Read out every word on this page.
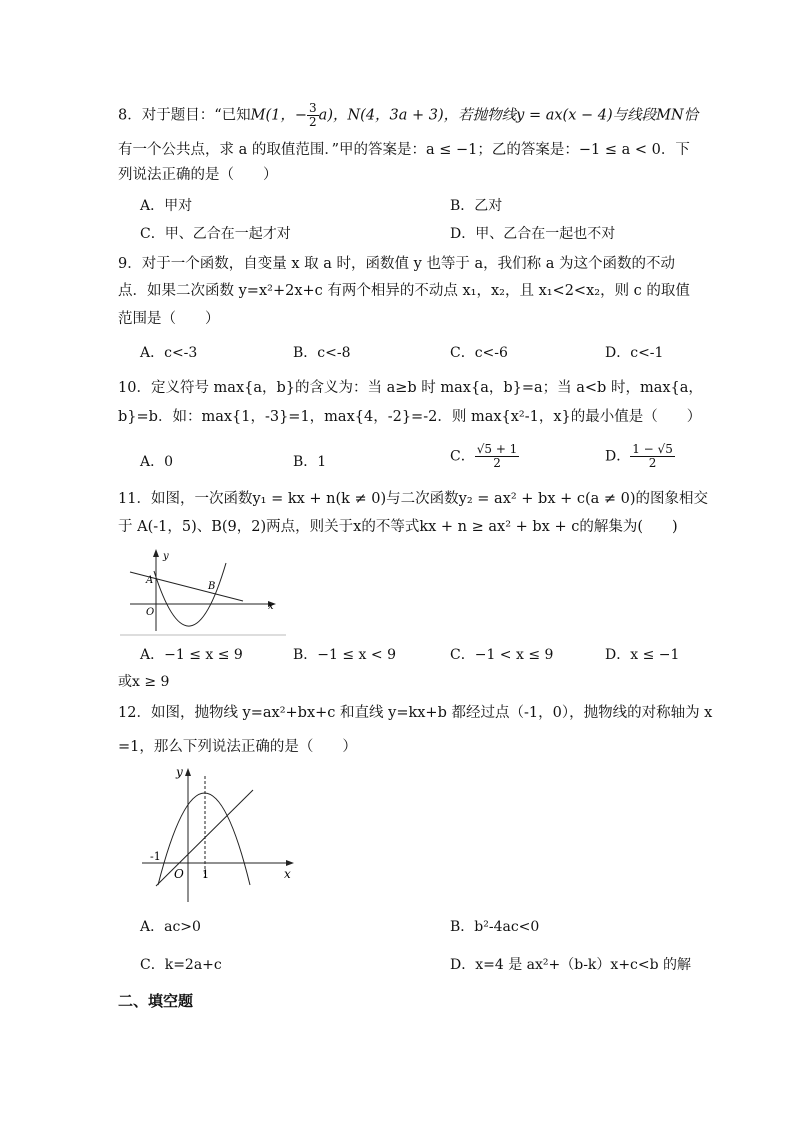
8．对于题目：“已知M(1，− $\frac{3}{2} a$)，N(4，3a + 3)，若抛物线y = ax(x − 4)与线段MN恰
有一个公共点，求 a 的取值范围．”甲的答案是：a ≤ −1；乙的答案是：−1 ≤ a < 0．下
列说法正确的是（　　）
A．甲对	B．乙对
C．甲、乙合在一起才对	D．甲、乙合在一起也不对
9．对于一个函数，自变量 x 取 a 时，函数值 y 也等于 a，我们称 a 为这个函数的不动
点．如果二次函数 y=x²+2x+c 有两个相异的不动点 x₁，x₂，且 x₁<2<x₂，则 c 的取值
范围是（　　）
A．c<-3	B．c<-8	C．c<-6	D．c<-1
10．定义符号 max{a，b}的含义为：当 a≥b 时 max{a，b}=a；当 a<b 时，max{a，
b}=b．如：max{1，-3}=1，max{4，-2}=-2．则 max{x²-1，x}的最小值是（　　）
A．0	B．1	C． $\frac{√5 + 1}{2}$	D． $\frac{1 - √5}{2}$
11．如图，一次函数y₁ = kx + n(k ≠ 0)与二次函数y₂ = ax² + bx + c(a ≠ 0)的图象相交
于 A(-1，5)、B(9，2)两点，则关于x的不等式kx + n ≥ ax² + bx + c的解集为(　　)
y
x
A
B
O
A．−1 ≤ x ≤ 9	B．−1 ≤ x < 9	C．−1 < x ≤ 9	D．x ≤ −1
或x ≥ 9
12．如图，抛物线 y=ax²+bx+c 和直线 y=kx+b 都经过点（-1，0），抛物线的对称轴为 x
=1，那么下列说法正确的是（　　）
y
x
-1
O 1
A．ac>0	B．b²-4ac<0
C．k=2a+c	D．x=4 是 ax²+（b-k）x+c<b 的解
二、填空题
